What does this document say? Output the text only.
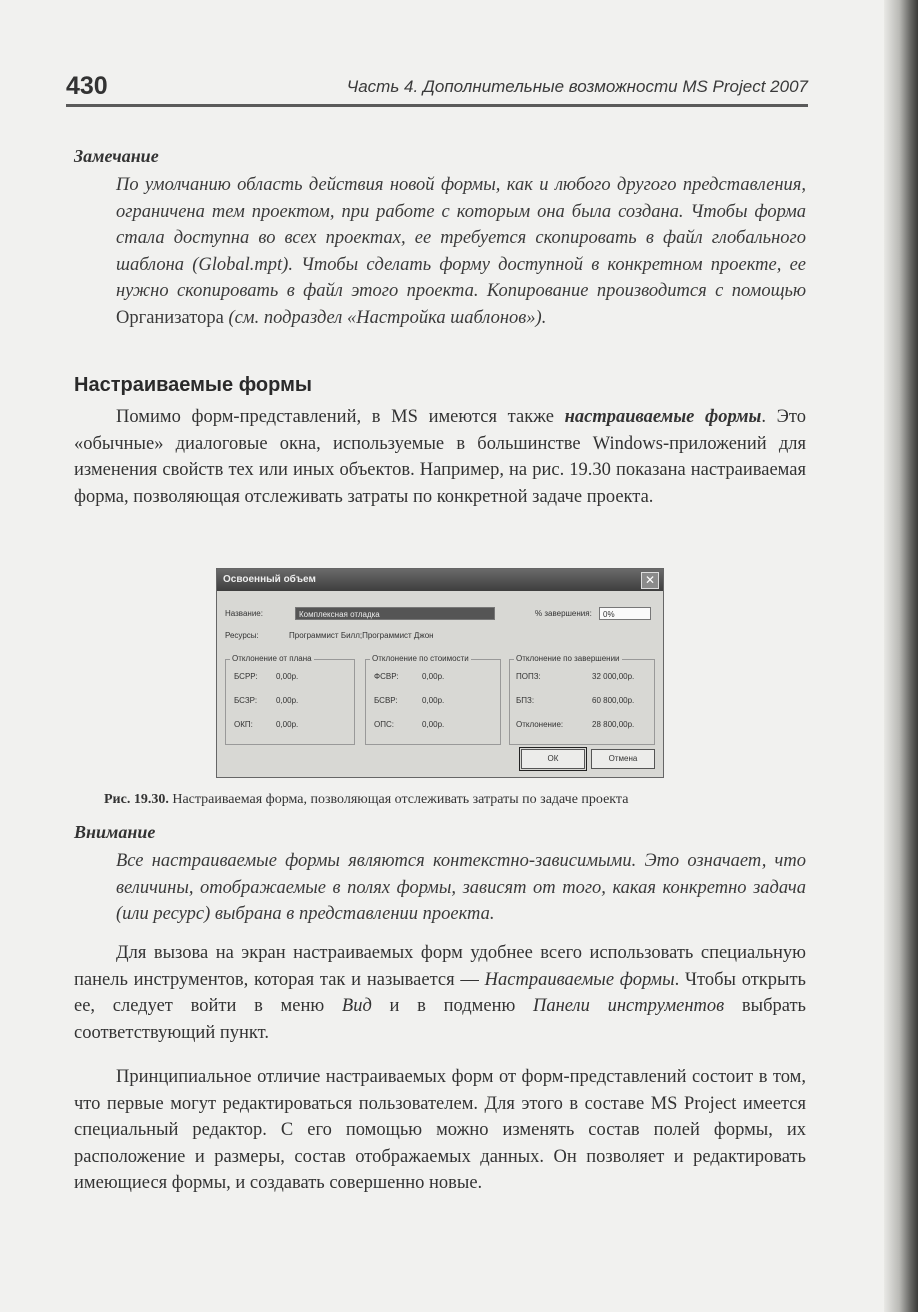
430	Часть 4. Дополнительные возможности MS Project 2007
Замечание
По умолчанию область действия новой формы, как и любого другого представления, ограничена тем проектом, при работе с которым она была создана. Чтобы форма стала доступна во всех проектах, ее требуется скопировать в файл глобального шаблона (Global.mpt). Чтобы сделать форму доступной в конкретном проекте, ее нужно скопировать в файл этого проекта. Копирование производится с помощью Организатора (см. подраздел «Настройка шаблонов»).
Настраиваемые формы
Помимо форм-представлений, в MS имеются также настраиваемые формы. Это «обычные» диалоговые окна, используемые в большинстве Windows-приложений для изменения свойств тех или иных объектов. Например, на рис. 19.30 показана настраиваемая форма, позволяющая отслеживать затраты по конкретной задаче проекта.
Освоенный объем	✕
Название:	Комплексная отладка	% завершения:	0%
Ресурсы:	Программист Билл;Программист Джон
Отклонение от плана
БСРР: 0,00р.
БСЗР: 0,00р.
ОКП:	0,00р.
Отклонение по стоимости
ФСВР:	0,00р.
БСВР:	0,00р.
ОПС:	0,00р.
Отклонение по завершении
ПОПЗ:	32 000,00р.
БПЗ:	60 800,00р.
Отклонение:	28 800,00р.
ОК	Отмена
Рис. 19.30. Настраиваемая форма, позволяющая отслеживать затраты по задаче проекта
Внимание
Все настраиваемые формы являются контекстно-зависимыми. Это означает, что величины, отображаемые в полях формы, зависят от того, какая конкретно задача (или ресурс) выбрана в представлении проекта.
Для вызова на экран настраиваемых форм удобнее всего использовать специальную панель инструментов, которая так и называется — Настраиваемые формы. Чтобы открыть ее, следует войти в меню Вид и в подменю Панели инструментов выбрать соответствующий пункт.
Принципиальное отличие настраиваемых форм от форм-представлений состоит в том, что первые могут редактироваться пользователем. Для этого в составе MS Project имеется специальный редактор. С его помощью можно изменять состав полей формы, их расположение и размеры, состав отображаемых данных. Он позволяет и редактировать имеющиеся формы, и создавать совершенно новые.
